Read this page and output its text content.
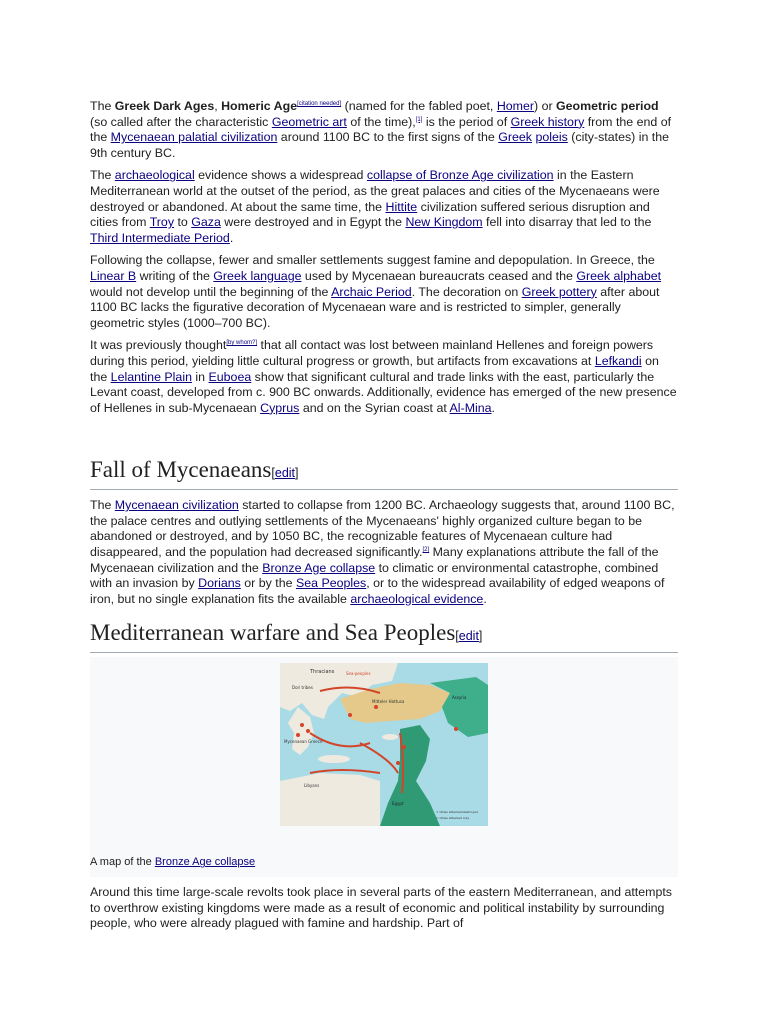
The Greek Dark Ages, Homeric Age[citation needed] (named for the fabled poet, Homer) or Geometric period (so called after the characteristic Geometric art of the time),[1] is the period of Greek history from the end of the Mycenaean palatial civilization around 1100 BC to the first signs of the Greek poleis (city-states) in the 9th century BC.

The archaeological evidence shows a widespread collapse of Bronze Age civilization in the Eastern Mediterranean world at the outset of the period, as the great palaces and cities of the Mycenaeans were destroyed or abandoned. At about the same time, the Hittite civilization suffered serious disruption and cities from Troy to Gaza were destroyed and in Egypt the New Kingdom fell into disarray that led to the Third Intermediate Period.

Following the collapse, fewer and smaller settlements suggest famine and depopulation. In Greece, the Linear B writing of the Greek language used by Mycenaean bureaucrats ceased and the Greek alphabet would not develop until the beginning of the Archaic Period. The decoration on Greek pottery after about 1100 BC lacks the figurative decoration of Mycenaean ware and is restricted to simpler, generally geometric styles (1000–700 BC).

It was previously thought[by whom?] that all contact was lost between mainland Hellenes and foreign powers during this period, yielding little cultural progress or growth, but artifacts from excavations at Lefkandi on the Lelantine Plain in Euboea show that significant cultural and trade links with the east, particularly the Levant coast, developed from c. 900 BC onwards. Additionally, evidence has emerged of the new presence of Hellenes in sub-Mycenaean Cyprus and on the Syrian coast at Al-Mina.

Fall of Mycenaeans[edit]

The Mycenaean civilization started to collapse from 1200 BC. Archaeology suggests that, around 1100 BC, the palace centres and outlying settlements of the Mycenaeans' highly organized culture began to be abandoned or destroyed, and by 1050 BC, the recognizable features of Mycenaean culture had disappeared, and the population had decreased significantly.[2] Many explanations attribute the fall of the Mycenaean civilization and the Bronze Age collapse to climatic or environmental catastrophe, combined with an invasion by Dorians or by the Sea Peoples, or to the widespread availability of edged weapons of iron, but no single explanation fits the available archaeological evidence.

Mediterranean warfare and Sea Peoples[edit]
Thracians	Sea-peoples
Dori tribes
Mitteler Hattusa
Assyria
Mycenaean Greece
Libyans
Egypt
= Cities attacked/destroyed
= Cities attacked only

A map of the Bronze Age collapse

Around this time large-scale revolts took place in several parts of the eastern Mediterranean, and attempts to overthrow existing kingdoms were made as a result of economic and political instability by surrounding people, who were already plagued with famine and hardship. Part of
